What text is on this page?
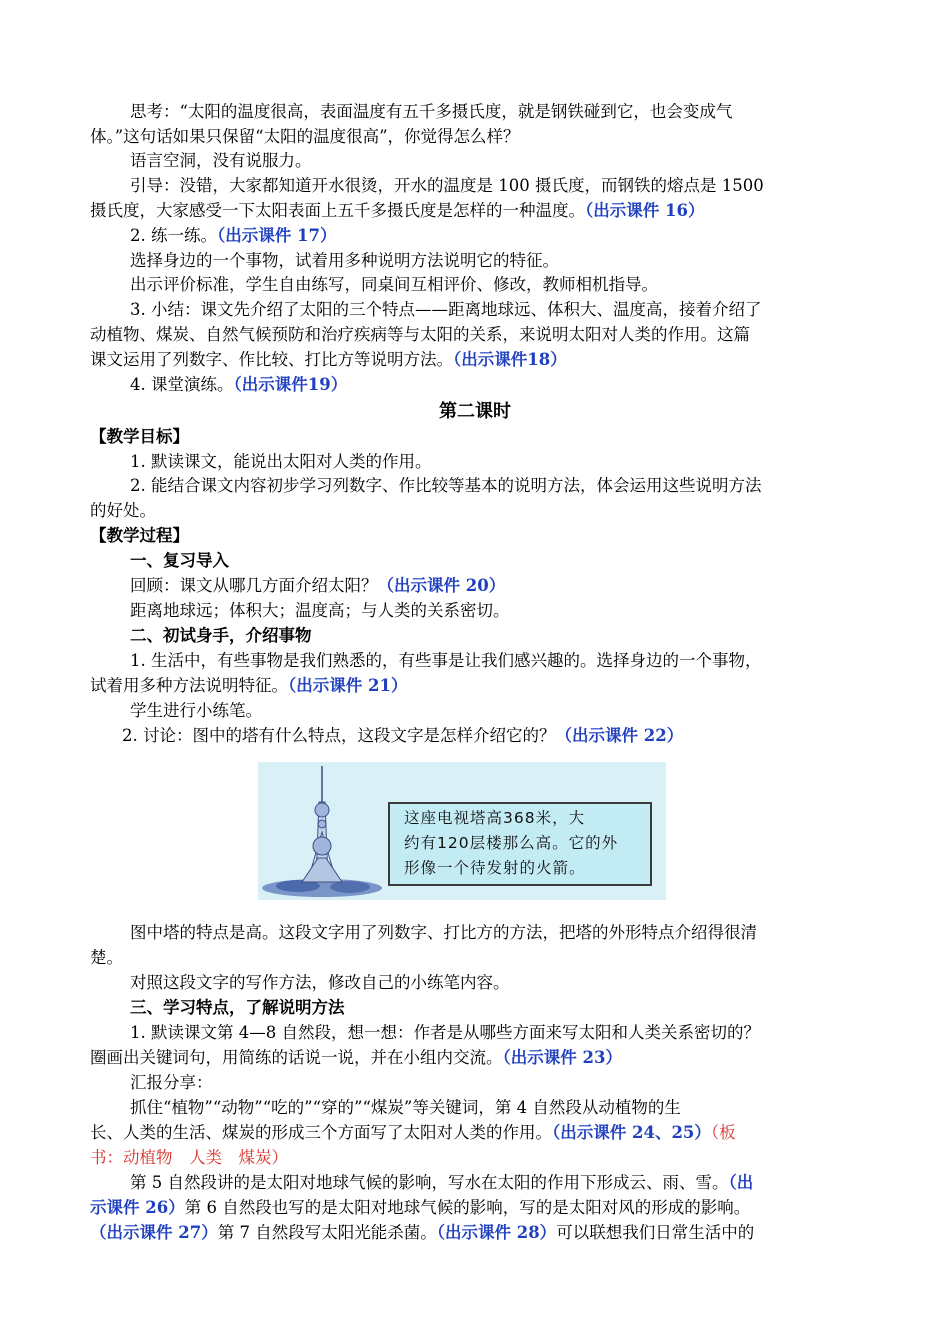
思考：“太阳的温度很高，表面温度有五千多摄氏度，就是钢铁碰到它，也会变成气
体。”这句话如果只保留“太阳的温度很高”，你觉得怎么样？
语言空洞，没有说服力。
引导：没错，大家都知道开水很烫，开水的温度是 100 摄氏度，而钢铁的熔点是 1500
摄氏度，大家感受一下太阳表面上五千多摄氏度是怎样的一种温度。（出示课件 16）
2. 练一练。（出示课件 17）
选择身边的一个事物，试着用多种说明方法说明它的特征。
出示评价标准，学生自由练写，同桌间互相评价、修改，教师相机指导。
3. 小结：课文先介绍了太阳的三个特点——距离地球远、体积大、温度高，接着介绍了
动植物、煤炭、自然气候预防和治疗疾病等与太阳的关系，来说明太阳对人类的作用。这篇
课文运用了列数字、作比较、打比方等说明方法。（出示课件18）
4. 课堂演练。（出示课件19）
第二课时
【教学目标】
1. 默读课文，能说出太阳对人类的作用。
2. 能结合课文内容初步学习列数字、作比较等基本的说明方法，体会运用这些说明方法
的好处。
【教学过程】
一、复习导入
回顾：课文从哪几方面介绍太阳？（出示课件 20）
距离地球远；体积大；温度高；与人类的关系密切。
二、初试身手，介绍事物
1. 生活中，有些事物是我们熟悉的，有些事是让我们感兴趣的。选择身边的一个事物，
试着用多种方法说明特征。（出示课件 21）
学生进行小练笔。
2. 讨论：图中的塔有什么特点，这段文字是怎样介绍它的？（出示课件 22）
这座电视塔高368米，大
约有120层楼那么高。它的外
形像一个待发射的火箭。
图中塔的特点是高。这段文字用了列数字、打比方的方法，把塔的外形特点介绍得很清
楚。
对照这段文字的写作方法，修改自己的小练笔内容。
三、学习特点，了解说明方法
1. 默读课文第 4—8 自然段，想一想：作者是从哪些方面来写太阳和人类关系密切的？
圈画出关键词句，用简练的话说一说，并在小组内交流。（出示课件 23）
汇报分享：
抓住“植物”“动物”“吃的”“穿的”“煤炭”等关键词，第 4 自然段从动植物的生
长、人类的生活、煤炭的形成三个方面写了太阳对人类的作用。（出示课件 24、25）（板
书：动植物　人类　煤炭）
第 5 自然段讲的是太阳对地球气候的影响，写水在太阳的作用下形成云、雨、雪。（出
示课件 26）第 6 自然段也写的是太阳对地球气候的影响，写的是太阳对风的形成的影响。
（出示课件 27）第 7 自然段写太阳光能杀菌。（出示课件 28）可以联想我们日常生活中的
